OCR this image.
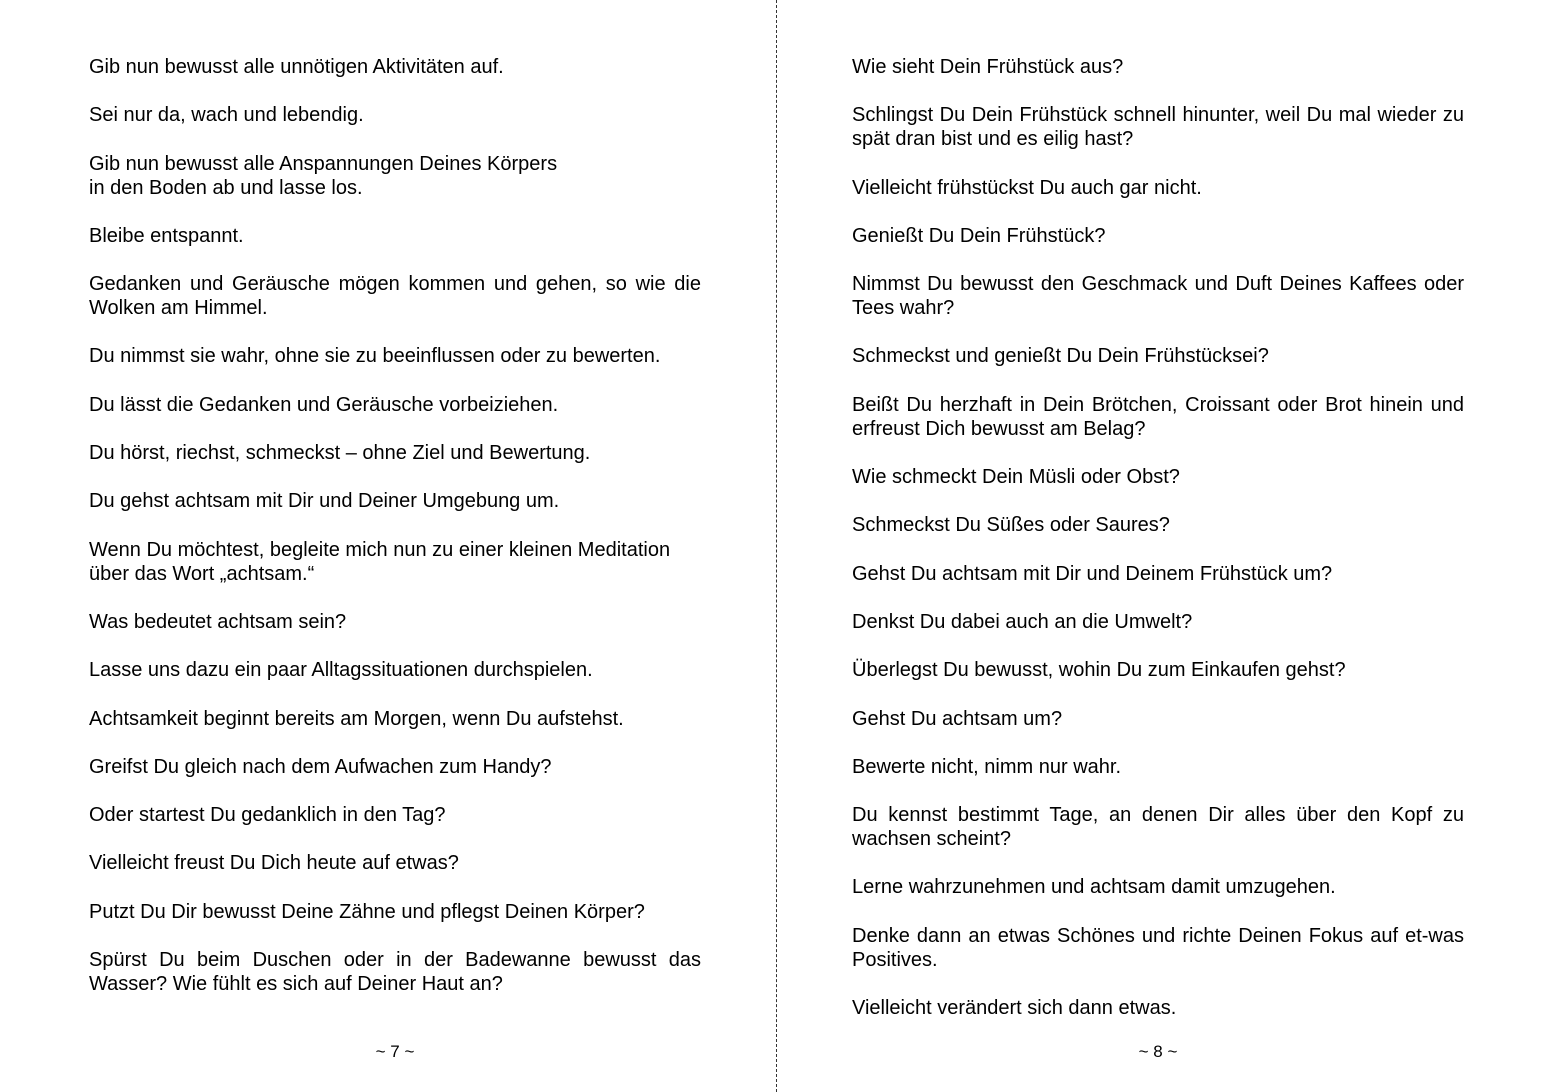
Gib nun bewusst alle unnötigen Aktivitäten auf.

Sei nur da, wach und lebendig.

Gib nun bewusst alle Anspannungen Deines Körpers
in den Boden ab und lasse los.

Bleibe entspannt.

Gedanken und Geräusche mögen kommen und gehen, so wie die Wolken am Himmel.

Du nimmst sie wahr, ohne sie zu beeinflussen oder zu bewerten.

Du lässt die Gedanken und Geräusche vorbeiziehen.

Du hörst, riechst, schmeckst – ohne Ziel und Bewertung.

Du gehst achtsam mit Dir und Deiner Umgebung um.

Wenn Du möchtest, begleite mich nun zu einer kleinen Meditation
über das Wort „achtsam.“

Was bedeutet achtsam sein?

Lasse uns dazu ein paar Alltagssituationen durchspielen.

Achtsamkeit beginnt bereits am Morgen, wenn Du aufstehst.

Greifst Du gleich nach dem Aufwachen zum Handy?

Oder startest Du gedanklich in den Tag?

Vielleicht freust Du Dich heute auf etwas?

Putzt Du Dir bewusst Deine Zähne und pflegst Deinen Körper?

Spürst Du beim Duschen oder in der Badewanne bewusst das Wasser? Wie fühlt es sich auf Deiner Haut an?

~ 7 ~

Wie sieht Dein Frühstück aus?

Schlingst Du Dein Frühstück schnell hinunter, weil Du mal wieder zu spät dran bist und es eilig hast?

Vielleicht frühstückst Du auch gar nicht.

Genießt Du Dein Frühstück?

Nimmst Du bewusst den Geschmack und Duft Deines Kaffees oder Tees wahr?

Schmeckst und genießt Du Dein Frühstücksei?

Beißt Du herzhaft in Dein Brötchen, Croissant oder Brot hinein und erfreust Dich bewusst am Belag?

Wie schmeckt Dein Müsli oder Obst?

Schmeckst Du Süßes oder Saures?

Gehst Du achtsam mit Dir und Deinem Frühstück um?

Denkst Du dabei auch an die Umwelt?

Überlegst Du bewusst, wohin Du zum Einkaufen gehst?

Gehst Du achtsam um?

Bewerte nicht, nimm nur wahr.

Du kennst bestimmt Tage, an denen Dir alles über den Kopf zu wachsen scheint?

Lerne wahrzunehmen und achtsam damit umzugehen.

Denke dann an etwas Schönes und richte Deinen Fokus auf et-was Positives.

Vielleicht verändert sich dann etwas.

~ 8 ~
